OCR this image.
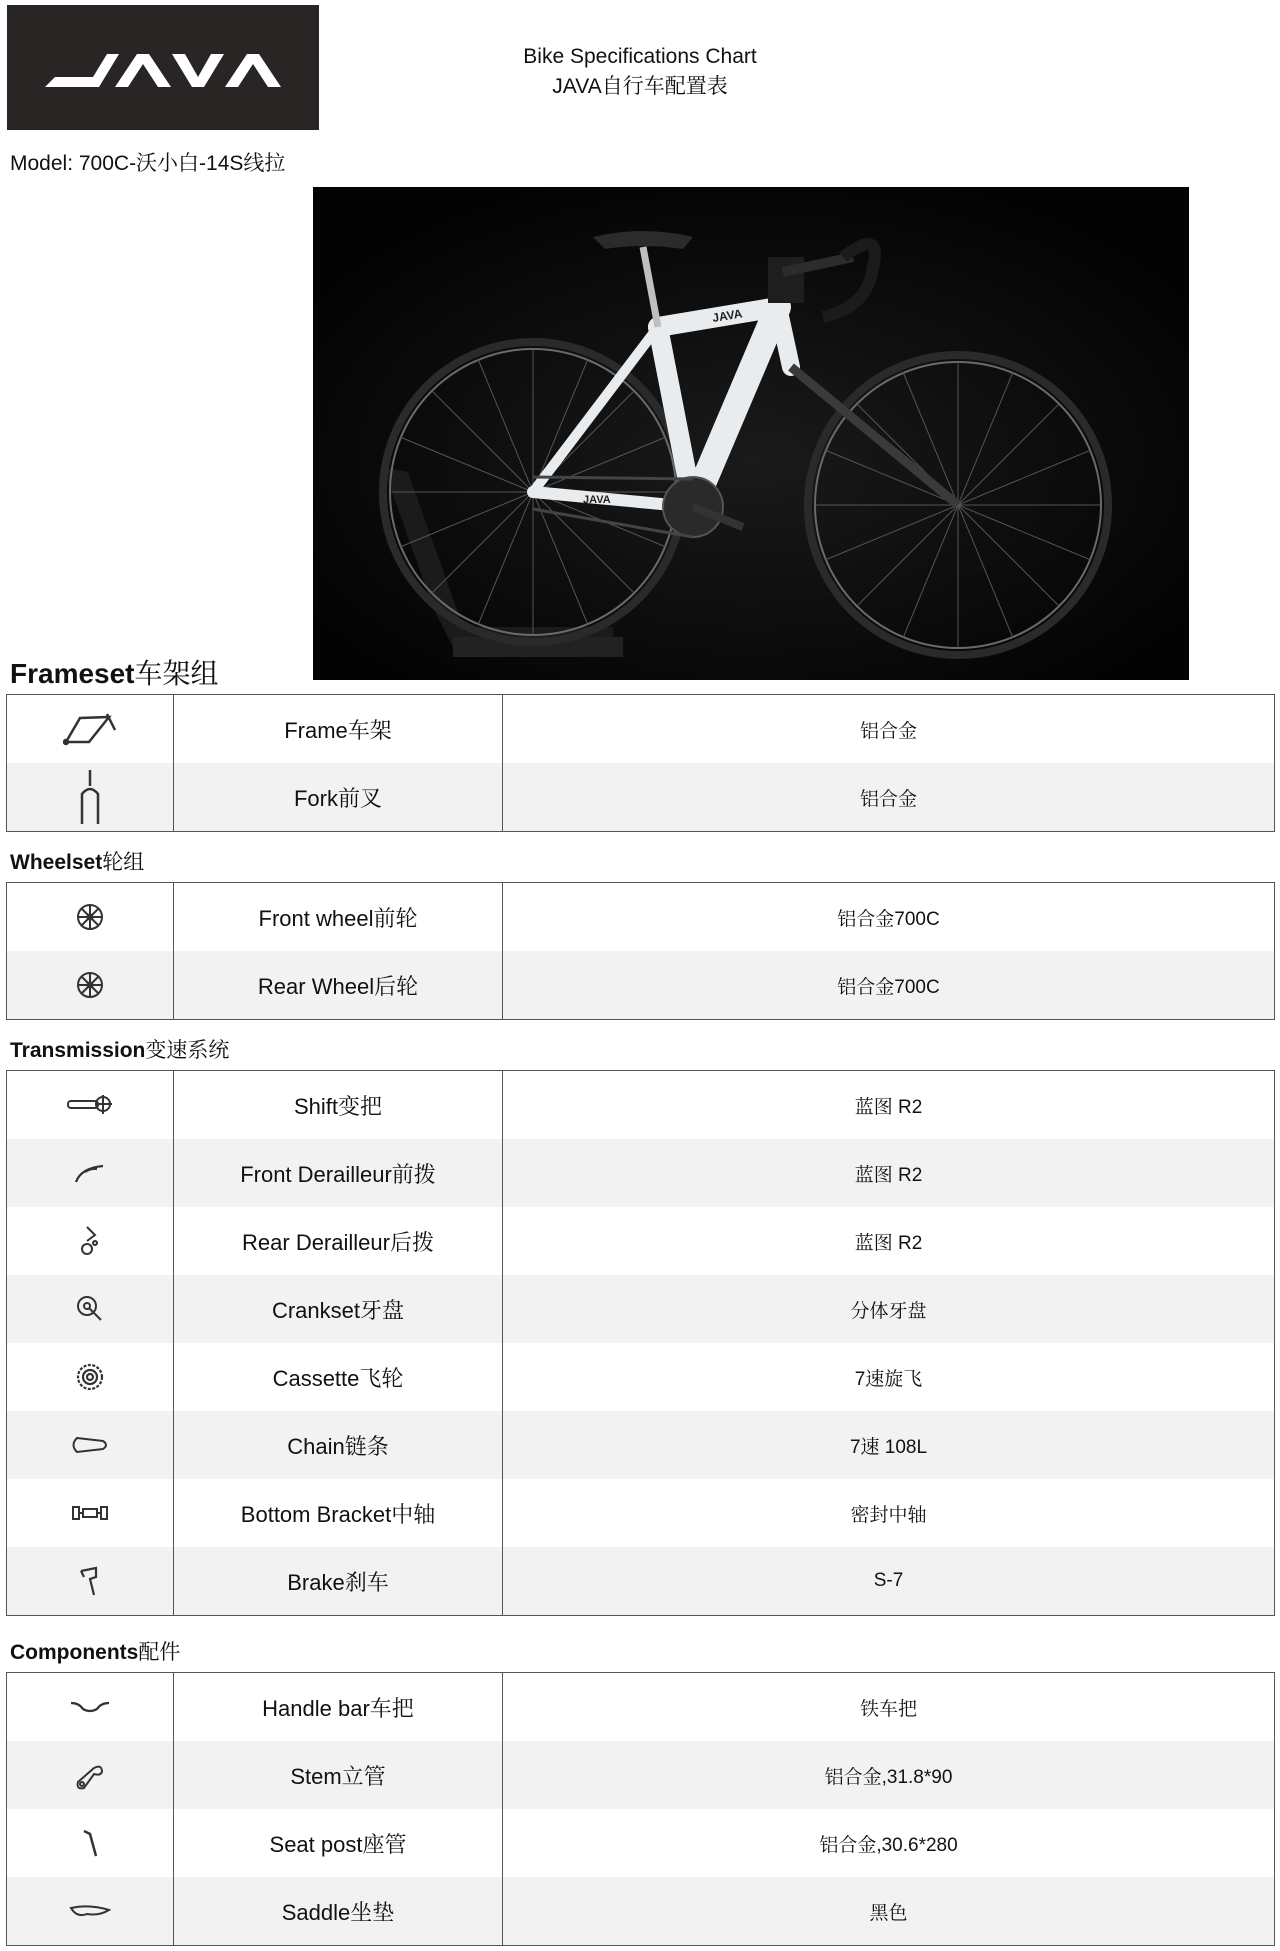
Bike Specifications Chart
JAVA自行车配置表
Model: 700C-沃小白-14S线拉
JAVA
JAVA
Frameset车架组
	Frame车架	铝合金

	Fork前叉	铝合金
Wheelset轮组
	Front wheel前轮	铝合金700C

	Rear Wheel后轮	铝合金700C
Transmission变速系统
	Shift变把	蓝图 R2

	Front Derailleur前拨	蓝图 R2

	Rear Derailleur后拨	蓝图 R2

	Crankset牙盘	分体牙盘

	Cassette飞轮	7速旋飞

	Chain链条	7速 108L

	Bottom Bracket中轴	密封中轴

	Brake刹车	S-7
Components配件
	Handle bar车把	铁车把

	Stem立管	铝合金,31.8*90

	Seat post座管	铝合金,30.6*280

	Saddle坐垫	黑色
